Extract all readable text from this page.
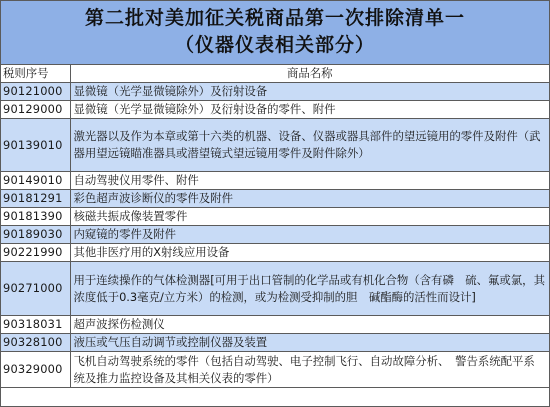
第二批对美加征关税商品第一次排除清单一
（仪器仪表相关部分）
税则序号	商品名称
90121000	显微镜（光学显微镜除外）及衍射设备
90129000	显微镜（光学显微镜除外）及衍射设备的零件、附件
90139010	激光器以及作为本章或第十六类的机器、设备、仪器或器具部件的望远镜用的零件及附件（武器用望远镜瞄准器具或潜望镜式望远镜用零件及附件除外）
90149010	自动驾驶仪用零件、附件
90181291	彩色超声波诊断仪的零件及附件
90181390	核磁共振成像装置零件
90189030	内窥镜的零件及附件
90221990	其他非医疗用的X射线应用设备
90271000	用于连续操作的气体检测器[可用于出口管制的化学品或有机化合物（含有磷　硫、氟或氯，其浓度低于0.3毫克/立方米）的检测，或为检测受抑制的胆　碱酯酶的活性而设计]
90318031	超声波探伤检测仪
90328100	液压或气压自动调节或控制仪器及装置
90329000	飞机自动驾驶系统的零件（包括自动驾驶、电子控制飞行、自动故障分析、　警告系统配平系统及推力监控设备及其相关仪表的零件）
